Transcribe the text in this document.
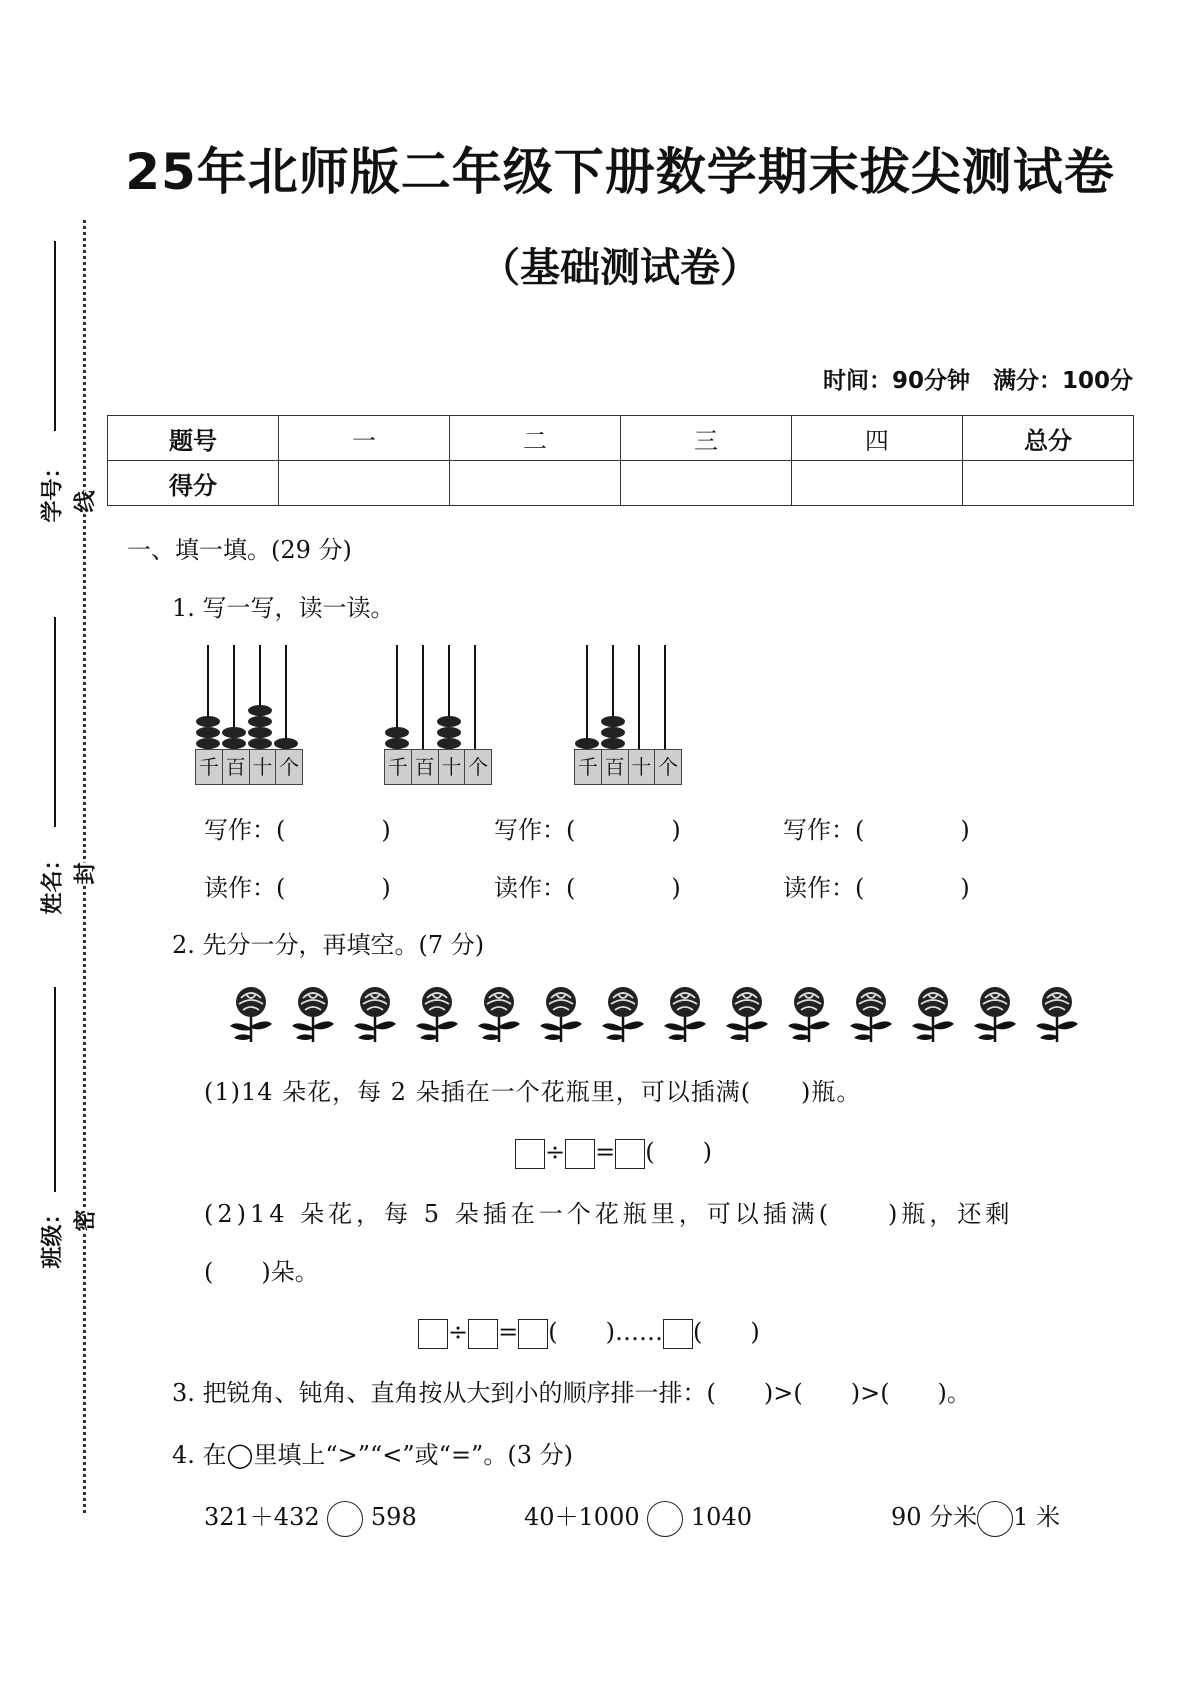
25年北师版二年级下册数学期末拔尖测试卷
（基础测试卷）
时间：90分钟　满分：100分
题号	一	二	三	四	总分
得分					
学号：
姓名：
班级：
线
封
密
一、填一填。(29 分)
1. 写一写，读一读。
千 百 十 个	千 百 十 个	千 百 十 个
写作：(　　　　)	写作：(　　　　)	写作：(　　　　)
读作：(　　　　)	读作：(　　　　)	读作：(　　　　)
2. 先分一分，再填空。(7 分)
(1)14 朵花，每 2 朵插在一个花瓶里，可以插满(　　)瓶。
÷ = (　　)
(2)14 朵花，每 5 朵插在一个花瓶里，可以插满(　　)瓶，还剩
(　　)朵。
÷ = (　　)…… (　　)
3. 把锐角、钝角、直角按从大到小的顺序排一排：(　　)>(　　)>(　　)。
4. 在◯里填上“>”“<”或“=”。(3 分)
321＋432 598	40＋1000 1040	90 分米 1 米
